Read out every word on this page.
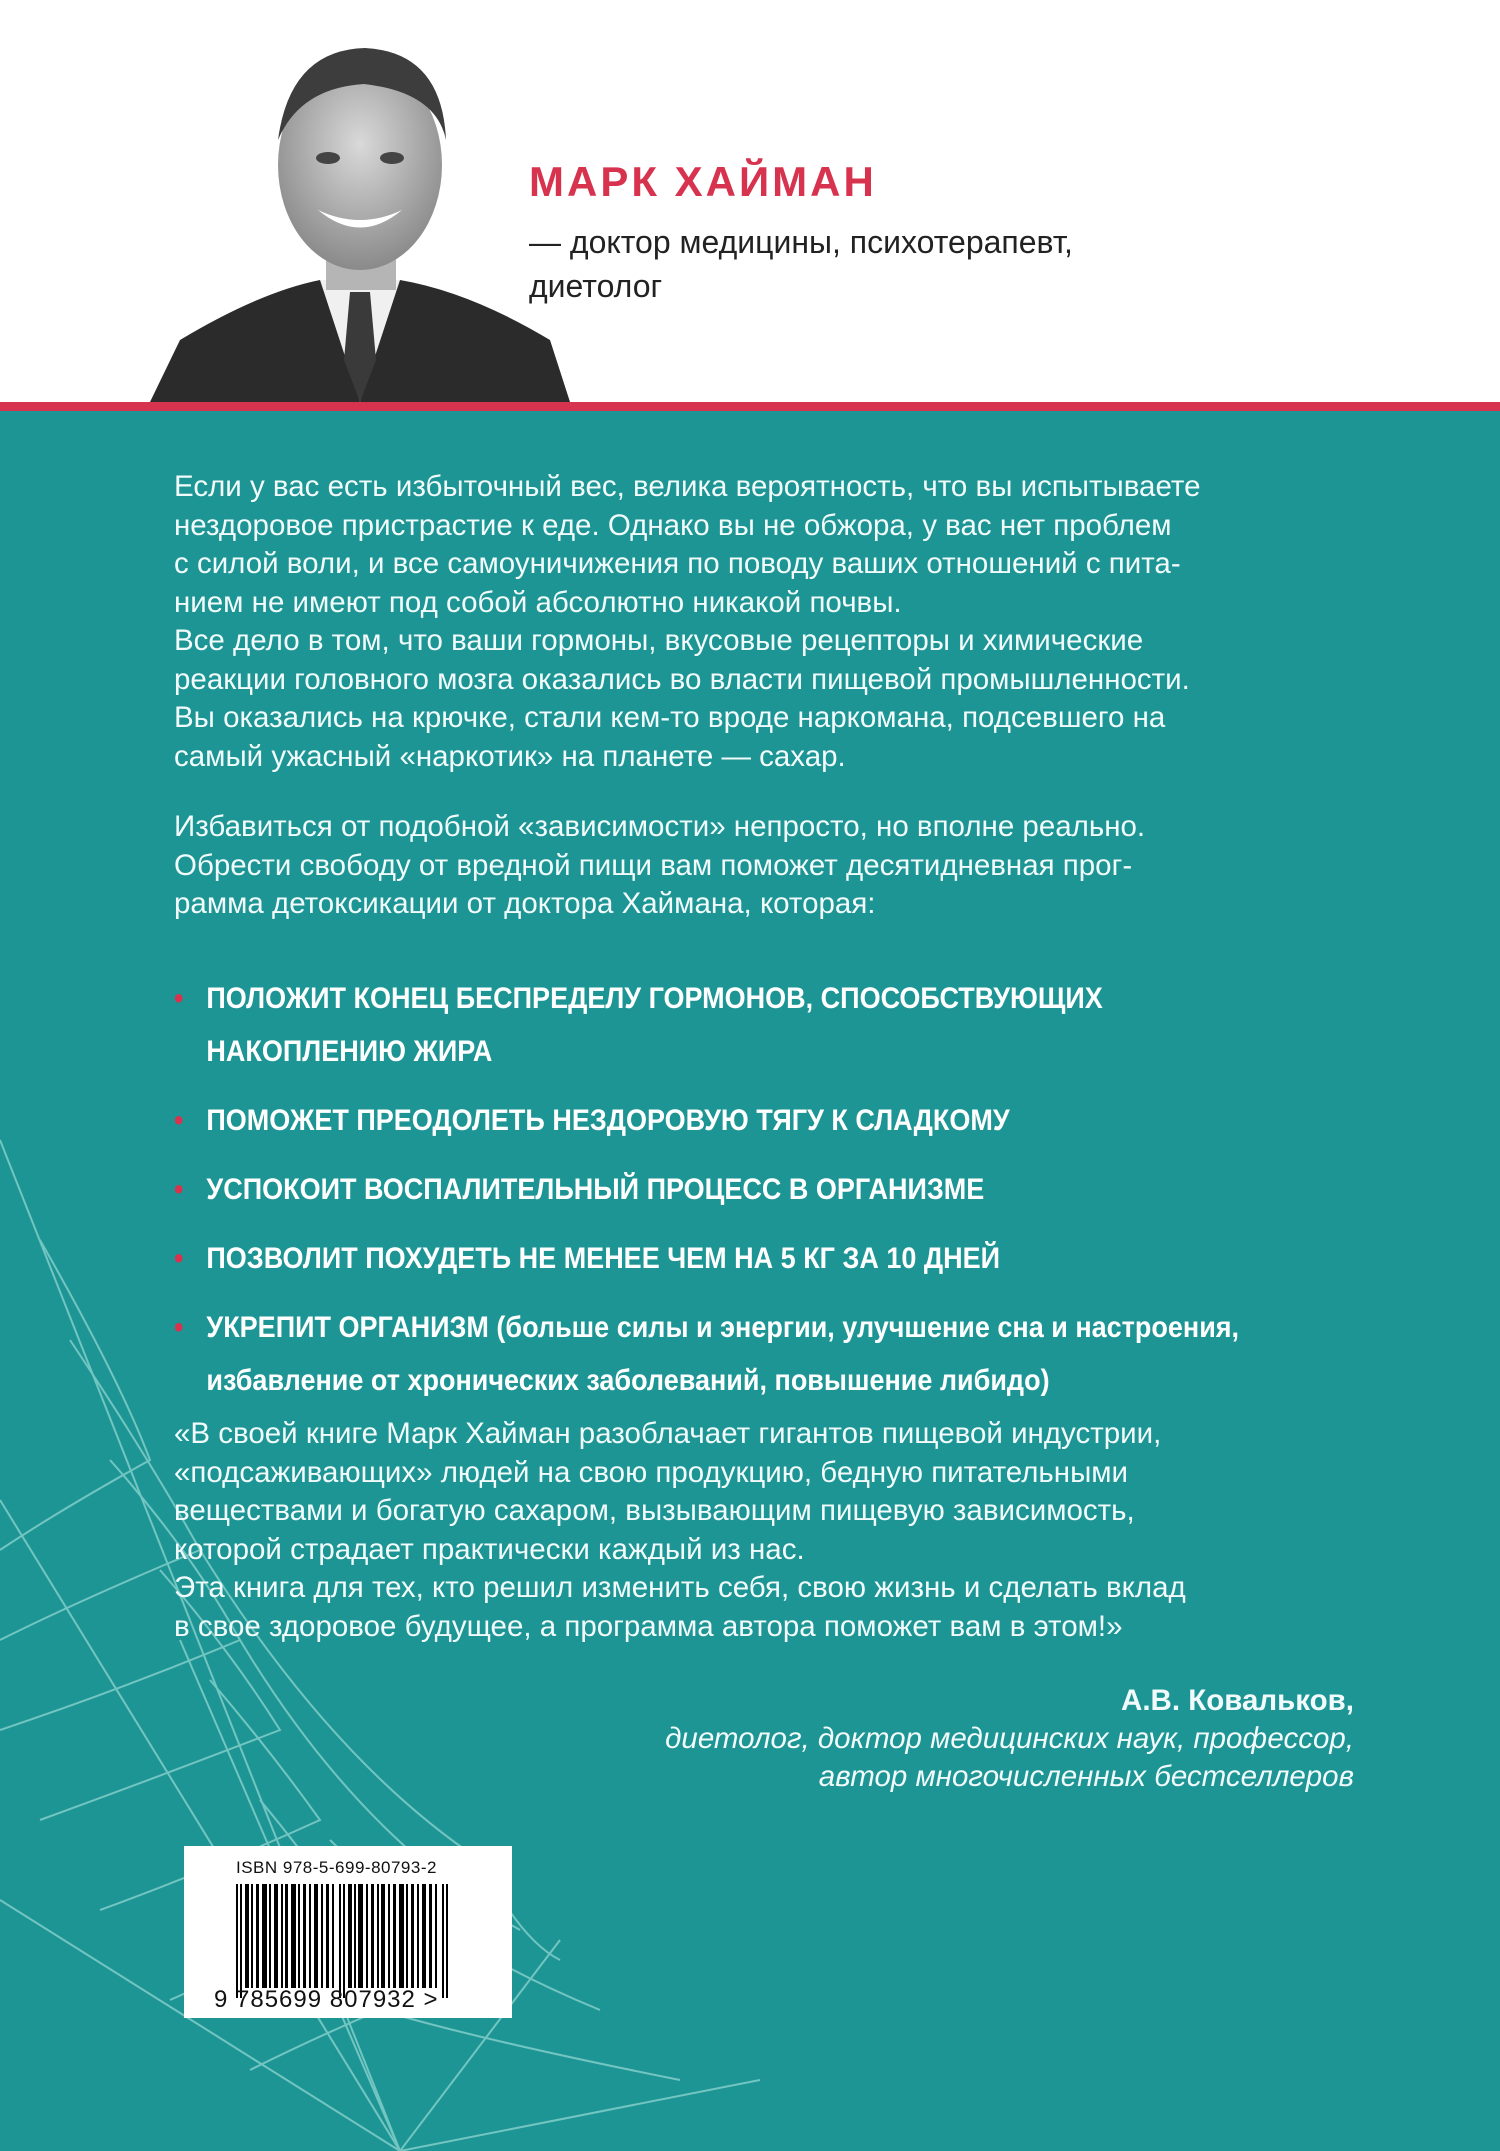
МАРК ХАЙМАН
— доктор медицины, психотерапевт,
диетолог
Если у вас есть избыточный вес, велика вероятность, что вы испытываете
нездоровое пристрастие к еде. Однако вы не обжора, у вас нет проблем
с силой воли, и все самоуничижения по поводу ваших отношений с пита-
нием не имеют под собой абсолютно никакой почвы.
Все дело в том, что ваши гормоны, вкусовые рецепторы и химические
реакции головного мозга оказались во власти пищевой промышленности.
Вы оказались на крючке, стали кем-то вроде наркомана, подсевшего на
самый ужасный «наркотик» на планете — сахар.
Избавиться от подобной «зависимости» непросто, но вполне реально.
Обрести свободу от вредной пищи вам поможет десятидневная прог-
рамма детоксикации от доктора Хаймана, которая:
•
ПОЛОЖИТ КОНЕЦ БЕСПРЕДЕЛУ ГОРМОНОВ, СПОСОБСТВУЮЩИХ НАКОПЛЕНИЮ ЖИРА
•
ПОМОЖЕТ ПРЕОДОЛЕТЬ НЕЗДОРОВУЮ ТЯГУ К СЛАДКОМУ
•
УСПОКОИТ ВОСПАЛИТЕЛЬНЫЙ ПРОЦЕСС В ОРГАНИЗМЕ
•
ПОЗВОЛИТ ПОХУДЕТЬ НЕ МЕНЕЕ ЧЕМ НА 5 КГ ЗА 10 ДНЕЙ
•
УКРЕПИТ ОРГАНИЗМ (больше силы и энергии, улучшение сна и настроения, избавление от хронических заболеваний, повышение либидо)
«В своей книге Марк Хайман разоблачает гигантов пищевой индустрии,
«подсаживающих» людей на свою продукцию, бедную питательными
веществами и богатую сахаром, вызывающим пищевую зависимость,
которой страдает практически каждый из нас.
Эта книга для тех, кто решил изменить себя, свою жизнь и сделать вклад
в свое здоровое будущее, а программа автора поможет вам в этом!»
А.В. Ковальков,
диетолог, доктор медицинских наук, профессор,
автор многочисленных бестселлеров
ISBN 978-5-699-80793-2
9 785699 807932 >
